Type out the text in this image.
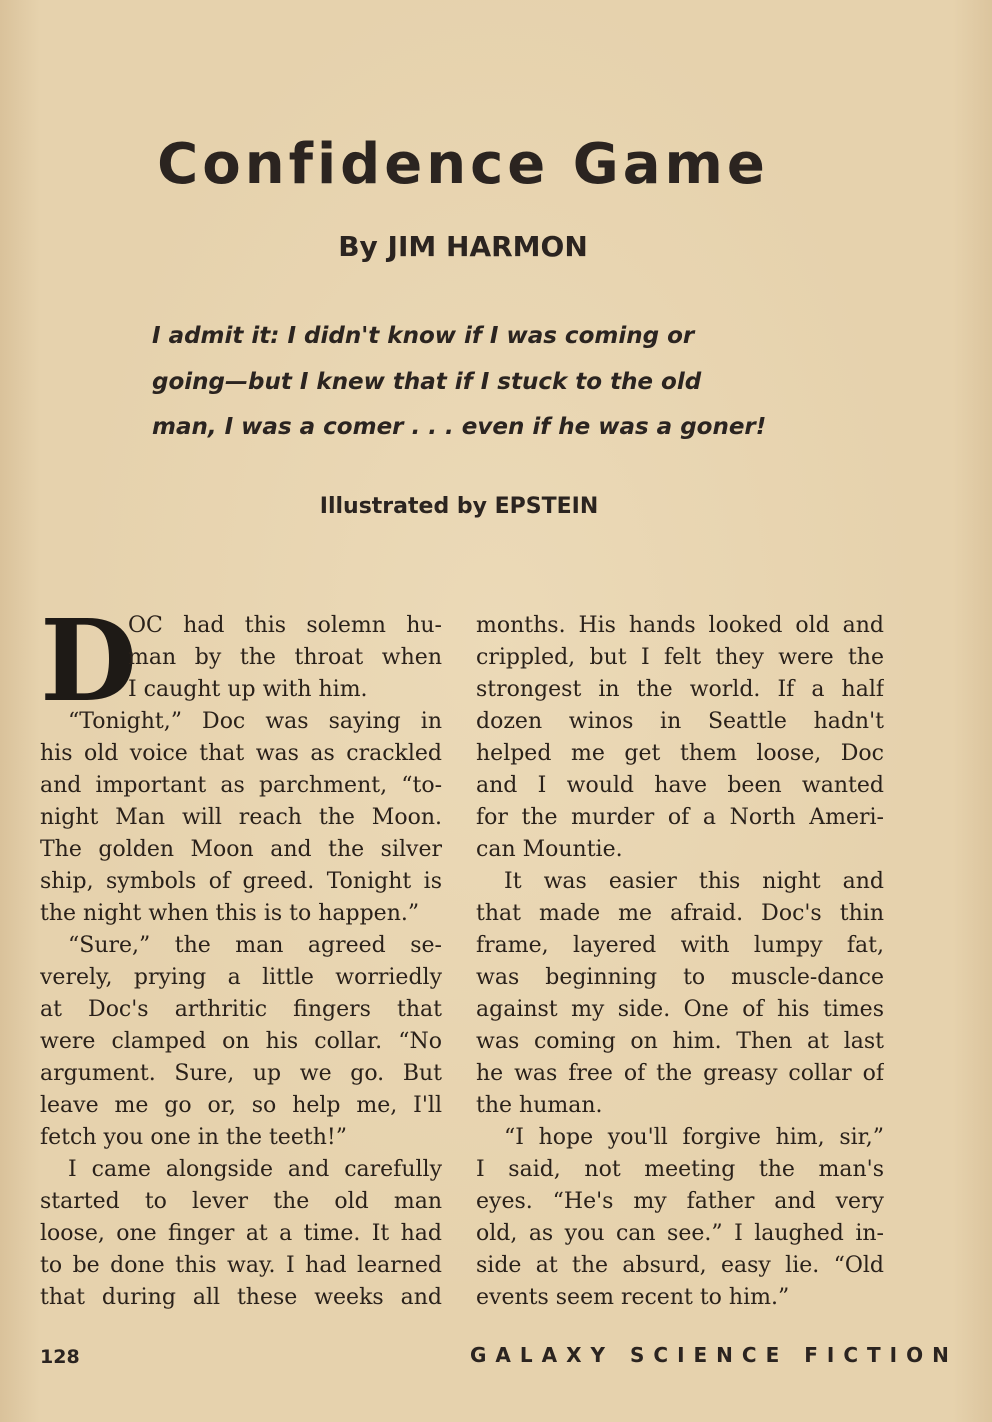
Confidence Game
By JIM HARMON
I admit it: I didn't know if I was coming or
going—but I knew that if I stuck to the old
man, I was a comer . . . even if he was a goner!
Illustrated by EPSTEIN
D
OC had this solemn hu-
man by the throat when
I caught up with him.
“Tonight,” Doc was saying in
his old voice that was as crackled
and important as parchment, “to-
night Man will reach the Moon.
The golden Moon and the silver
ship, symbols of greed. Tonight is
the night when this is to happen.”
“Sure,” the man agreed se-
verely, prying a little worriedly
at Doc's arthritic fingers that
were clamped on his collar. “No
argument. Sure, up we go. But
leave me go or, so help me, I'll
fetch you one in the teeth!”
I came alongside and carefully
started to lever the old man
loose, one finger at a time. It had
to be done this way. I had learned
that during all these weeks and
months. His hands looked old and
crippled, but I felt they were the
strongest in the world. If a half
dozen winos in Seattle hadn't
helped me get them loose, Doc
and I would have been wanted
for the murder of a North Ameri-
can Mountie.
It was easier this night and
that made me afraid. Doc's thin
frame, layered with lumpy fat,
was beginning to muscle-dance
against my side. One of his times
was coming on him. Then at last
he was free of the greasy collar of
the human.
“I hope you'll forgive him, sir,”
I said, not meeting the man's
eyes. “He's my father and very
old, as you can see.” I laughed in-
side at the absurd, easy lie. “Old
events seem recent to him.”
128	GALAXY SCIENCE FICTION
